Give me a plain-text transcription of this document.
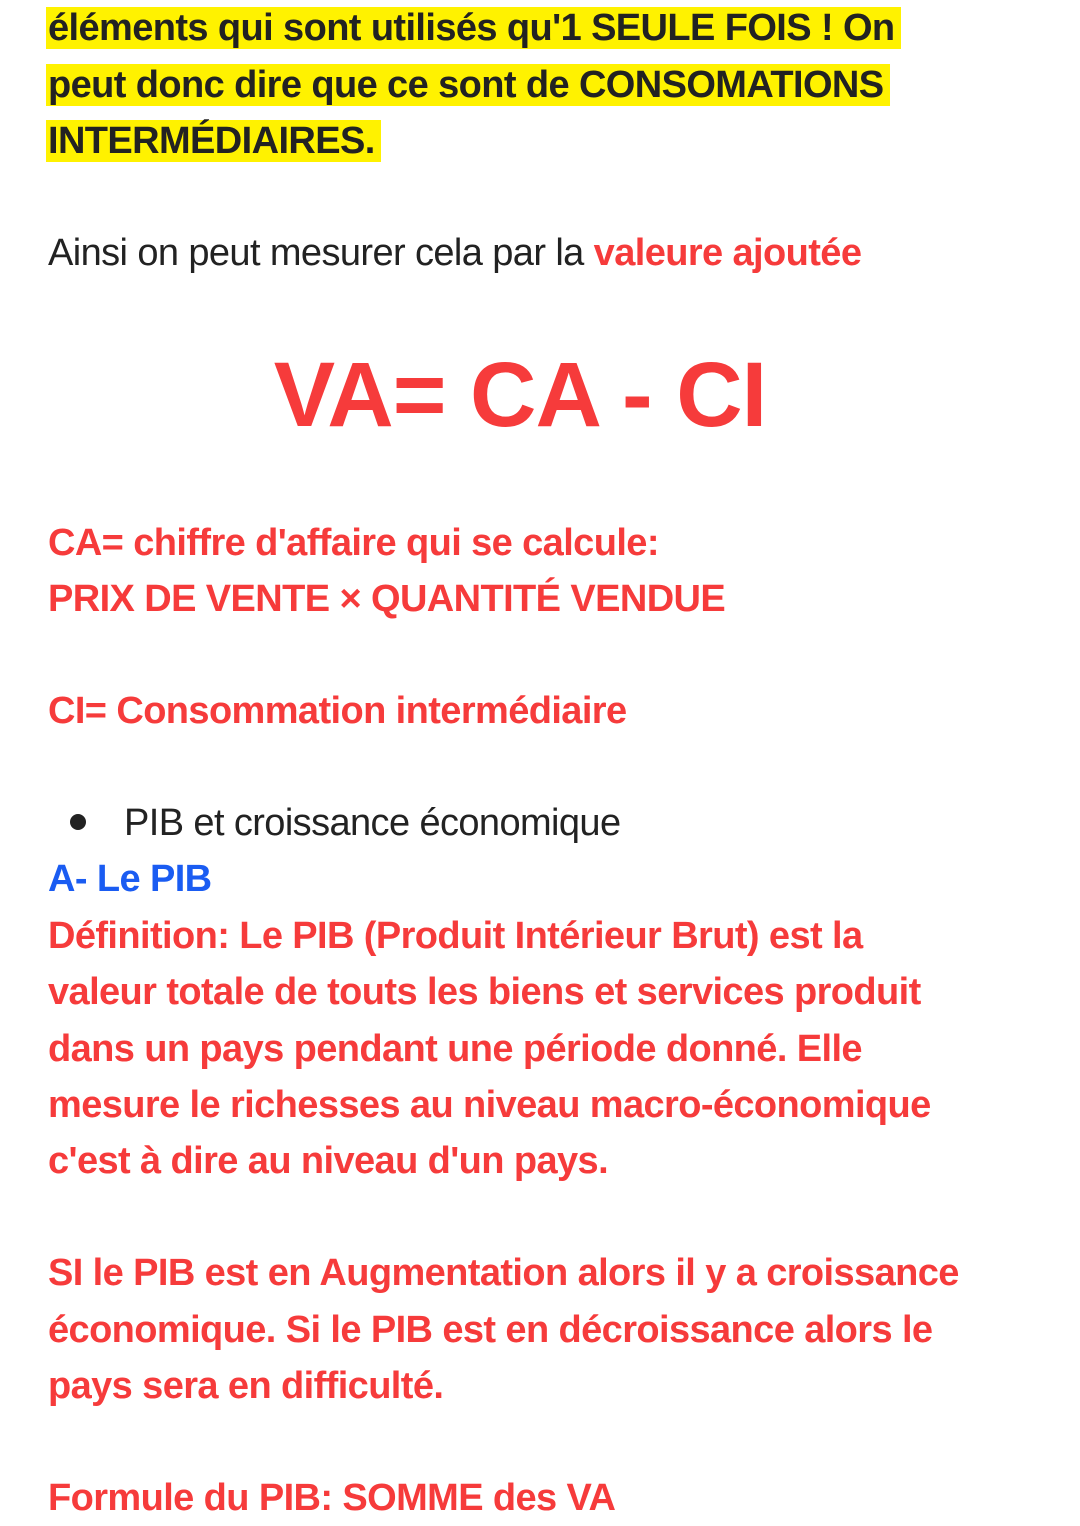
éléments qui sont utilisés qu'1 SEULE FOIS ! On
peut donc dire que ce sont de CONSOMATIONS
INTERMÉDIAIRES.
Ainsi on peut mesurer cela par la valeure ajoutée
VA= CA - CI
CA= chiffre d'affaire qui se calcule:
PRIX DE VENTE × QUANTITÉ VENDUE
CI= Consommation intermédiaire
PIB et croissance économique
A- Le PIB
Définition: Le PIB (Produit Intérieur Brut) est la
valeur totale de touts les biens et services produit
dans un pays pendant une période donné. Elle
mesure le richesses au niveau macro-économique
c'est à dire au niveau d'un pays.
SI le PIB est en Augmentation alors il y a croissance
économique. Si le PIB est en décroissance alors le
pays sera en difficulté.
Formule du PIB: SOMME des VA
